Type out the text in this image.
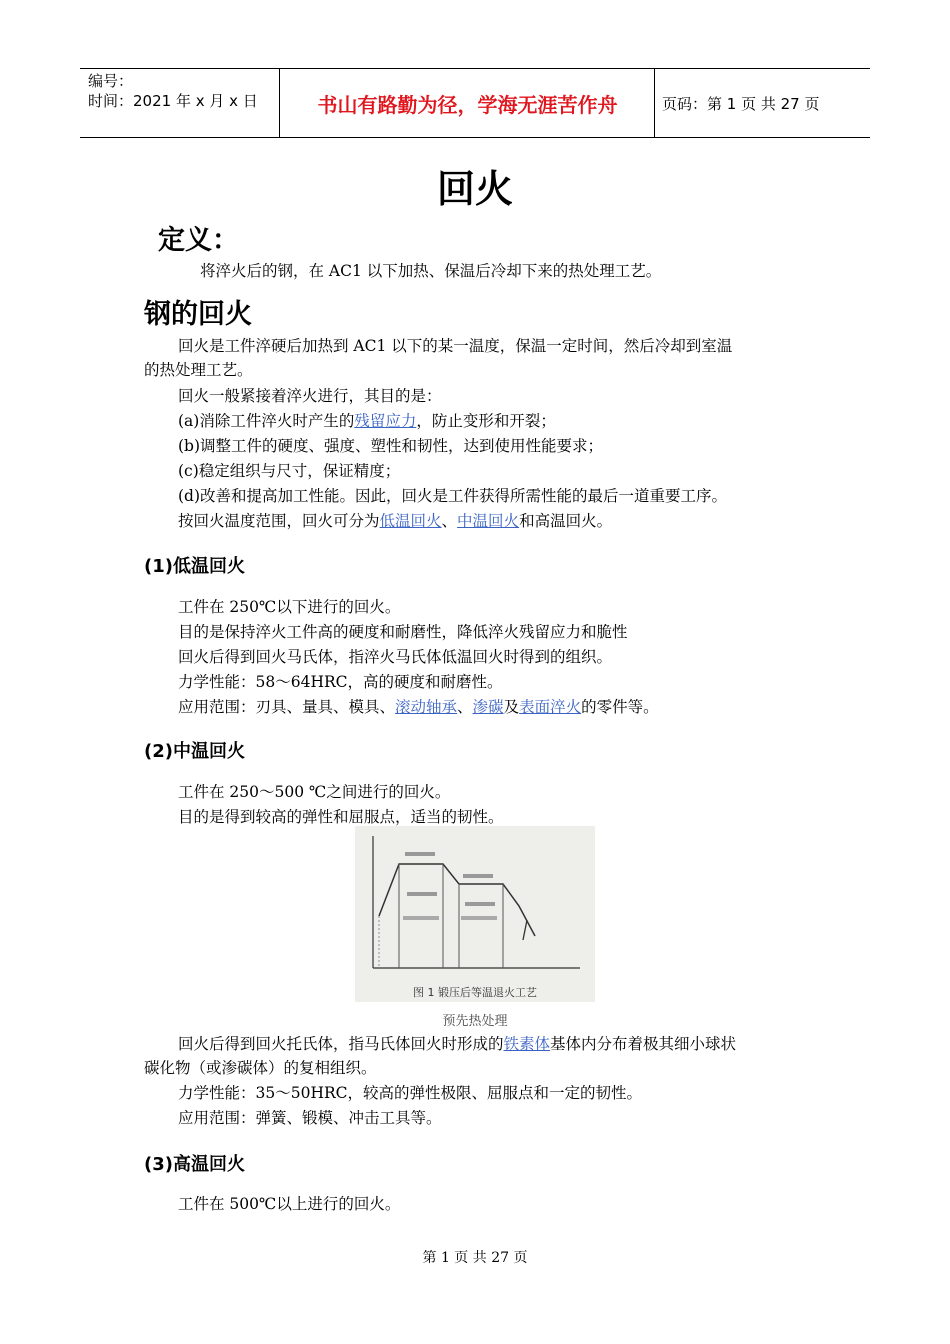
编号：
时间：2021 年 x 月 x 日	书山有路勤为径，学海无涯苦作舟	页码：第 1 页 共 27 页
回火
定义：
将淬火后的钢，在 AC1 以下加热、保温后冷却下来的热处理工艺。
钢的回火
回火是工件淬硬后加热到 AC1 以下的某一温度，保温一定时间，然后冷却到室温
的热处理工艺。
回火一般紧接着淬火进行，其目的是：
(a)消除工件淬火时产生的残留应力，防止变形和开裂；
(b)调整工件的硬度、强度、塑性和韧性，达到使用性能要求；
(c)稳定组织与尺寸，保证精度；
(d)改善和提高加工性能。因此，回火是工件获得所需性能的最后一道重要工序。
按回火温度范围，回火可分为低温回火、中温回火和高温回火。
(1)低温回火
工件在 250℃以下进行的回火。
目的是保持淬火工件高的硬度和耐磨性，降低淬火残留应力和脆性
回火后得到回火马氏体，指淬火马氏体低温回火时得到的组织。
力学性能：58～64HRC，高的硬度和耐磨性。
应用范围：刃具、量具、模具、滚动轴承、渗碳及表面淬火的零件等。
(2)中温回火
工件在 250～500 ℃之间进行的回火。
目的是得到较高的弹性和屈服点，适当的韧性。
图 1 锻压后等温退火工艺
预先热处理
回火后得到回火托氏体，指马氏体回火时形成的铁素体基体内分布着极其细小球状
碳化物（或渗碳体）的复相组织。
力学性能：35～50HRC，较高的弹性极限、屈服点和一定的韧性。
应用范围：弹簧、锻模、冲击工具等。
(3)高温回火
工件在 500℃以上进行的回火。
第 1 页 共 27 页
